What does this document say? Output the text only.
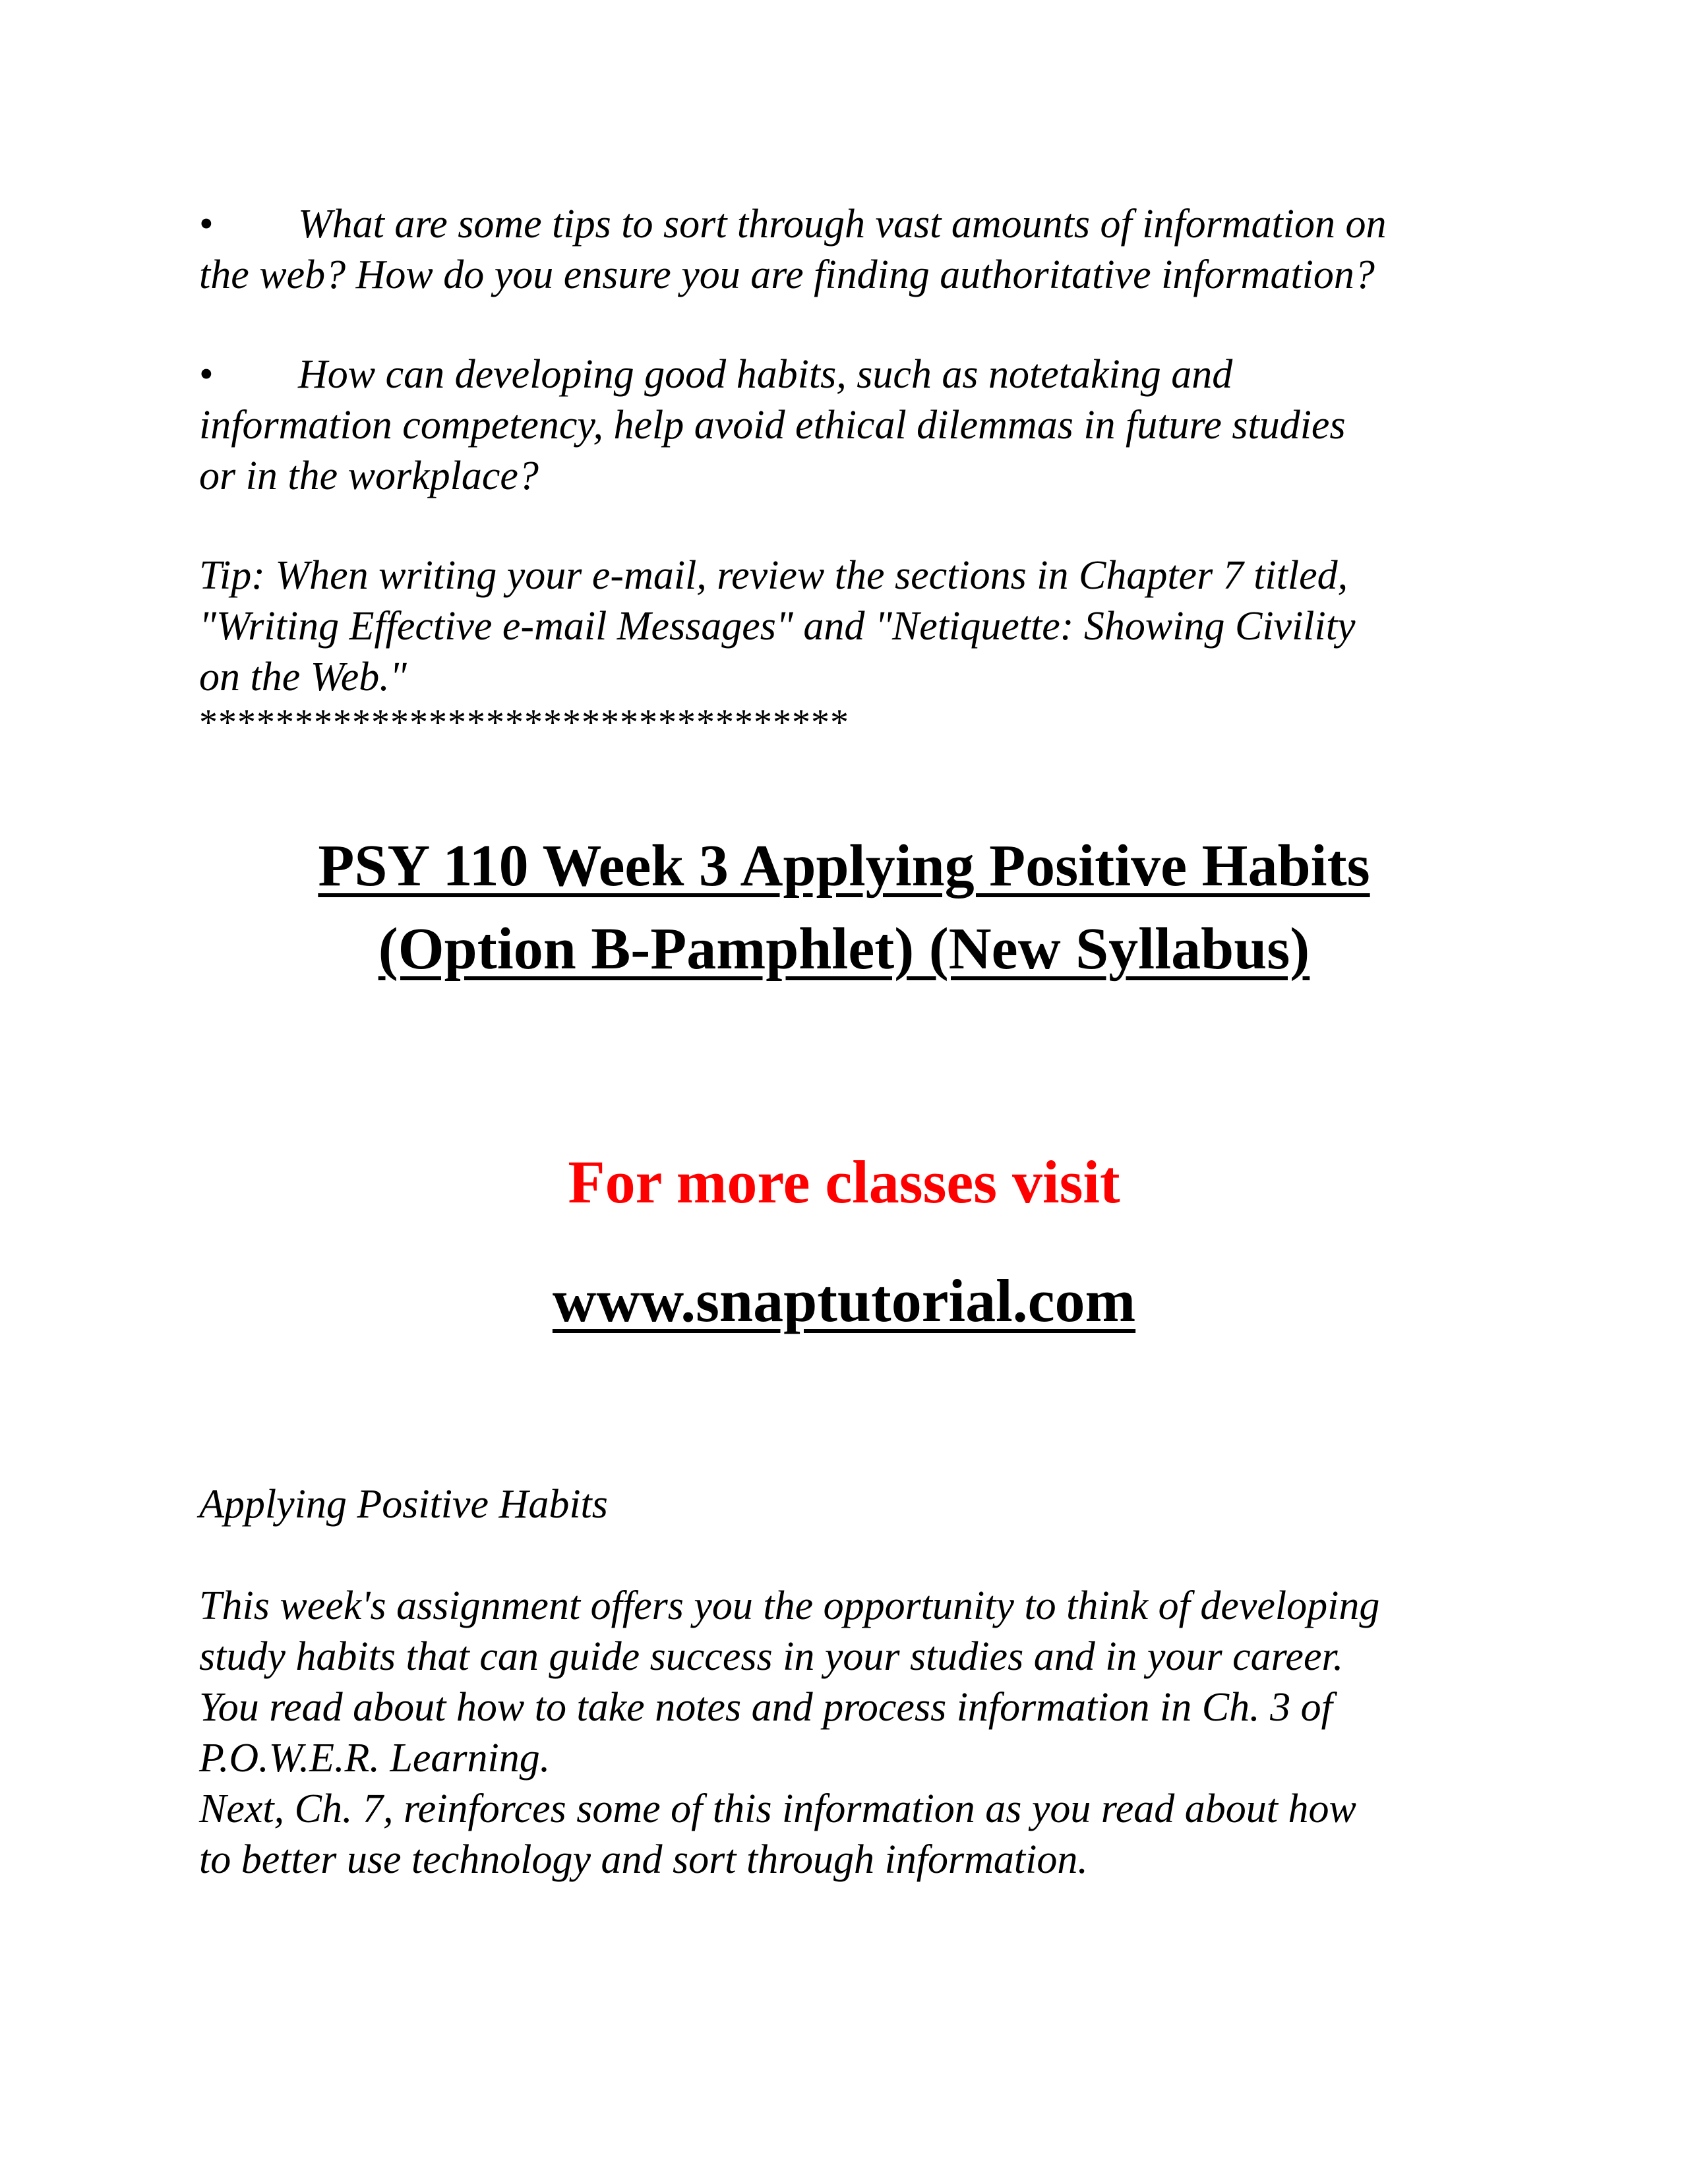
• What are some tips to sort through vast amounts of information on
the web? How do you ensure you are finding authoritative information?
• How can developing good habits, such as notetaking and
information competency, help avoid ethical dilemmas in future studies
or in the workplace?
Tip: When writing your e-mail, review the sections in Chapter 7 titled,
"Writing Effective e-mail Messages" and "Netiquette: Showing Civility
on the Web."
**********************************
PSY 110 Week 3 Applying Positive Habits
(Option B-Pamphlet) (New Syllabus)
For more classes visit
www.snaptutorial.com
Applying Positive Habits
This week's assignment offers you the opportunity to think of developing
study habits that can guide success in your studies and in your career.
You read about how to take notes and process information in Ch. 3 of
P.O.W.E.R. Learning.
Next, Ch. 7, reinforces some of this information as you read about how
to better use technology and sort through information.
